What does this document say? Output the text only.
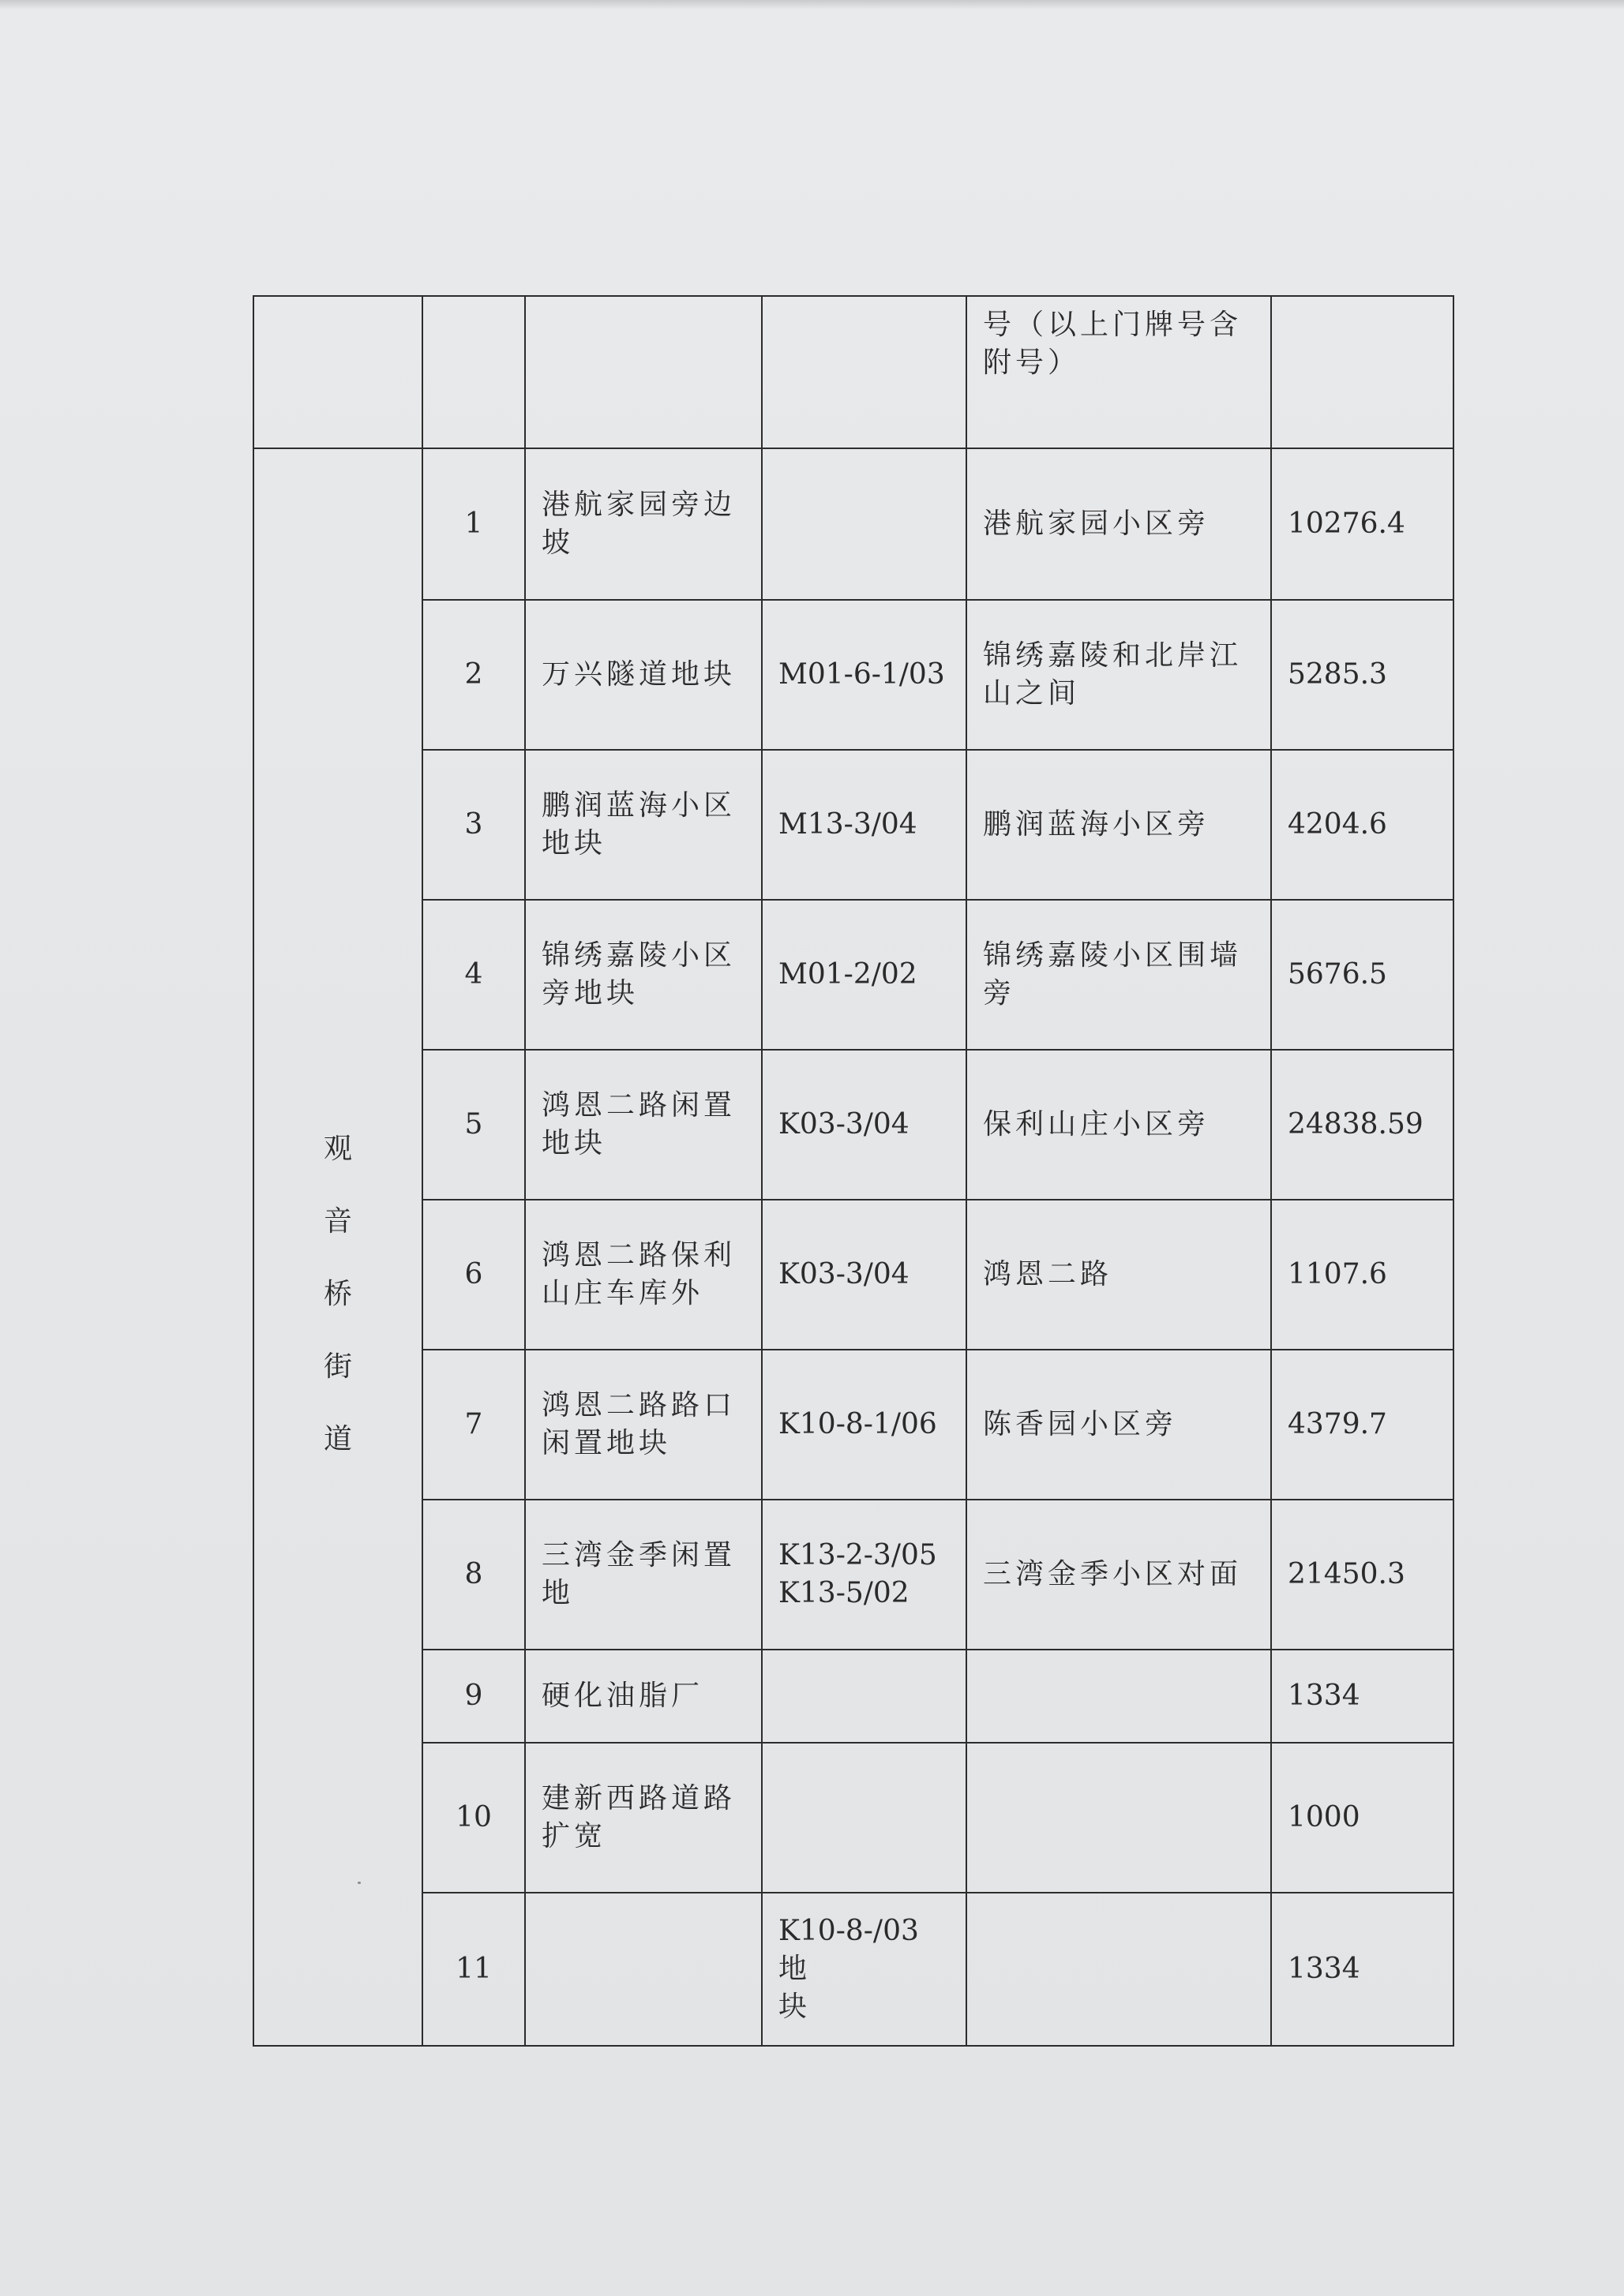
				号（以上门牌号含
附号）	
观音桥街道	1	港航家园旁边
坡		港航家园小区旁	10276.4
	2	万兴隧道地块	M01-6-1/03	锦绣嘉陵和北岸江
山之间	5285.3
	3	鹏润蓝海小区
地块	M13-3/04	鹏润蓝海小区旁	4204.6
	4	锦绣嘉陵小区
旁地块	M01-2/02	锦绣嘉陵小区围墙
旁	5676.5
	5	鸿恩二路闲置
地块	K03-3/04	保利山庄小区旁	24838.59
	6	鸿恩二路保利
山庄车库外	K03-3/04	鸿恩二路	1107.6
	7	鸿恩二路路口
闲置地块	K10-8-1/06	陈香园小区旁	4379.7
	8	三湾金季闲置
地	K13-2-3/05
K13-5/02	三湾金季小区对面	21450.3
	9	硬化油脂厂			1334
	10	建新西路道路
扩宽			1000
	11		K10-8-/03 地
块		1334
